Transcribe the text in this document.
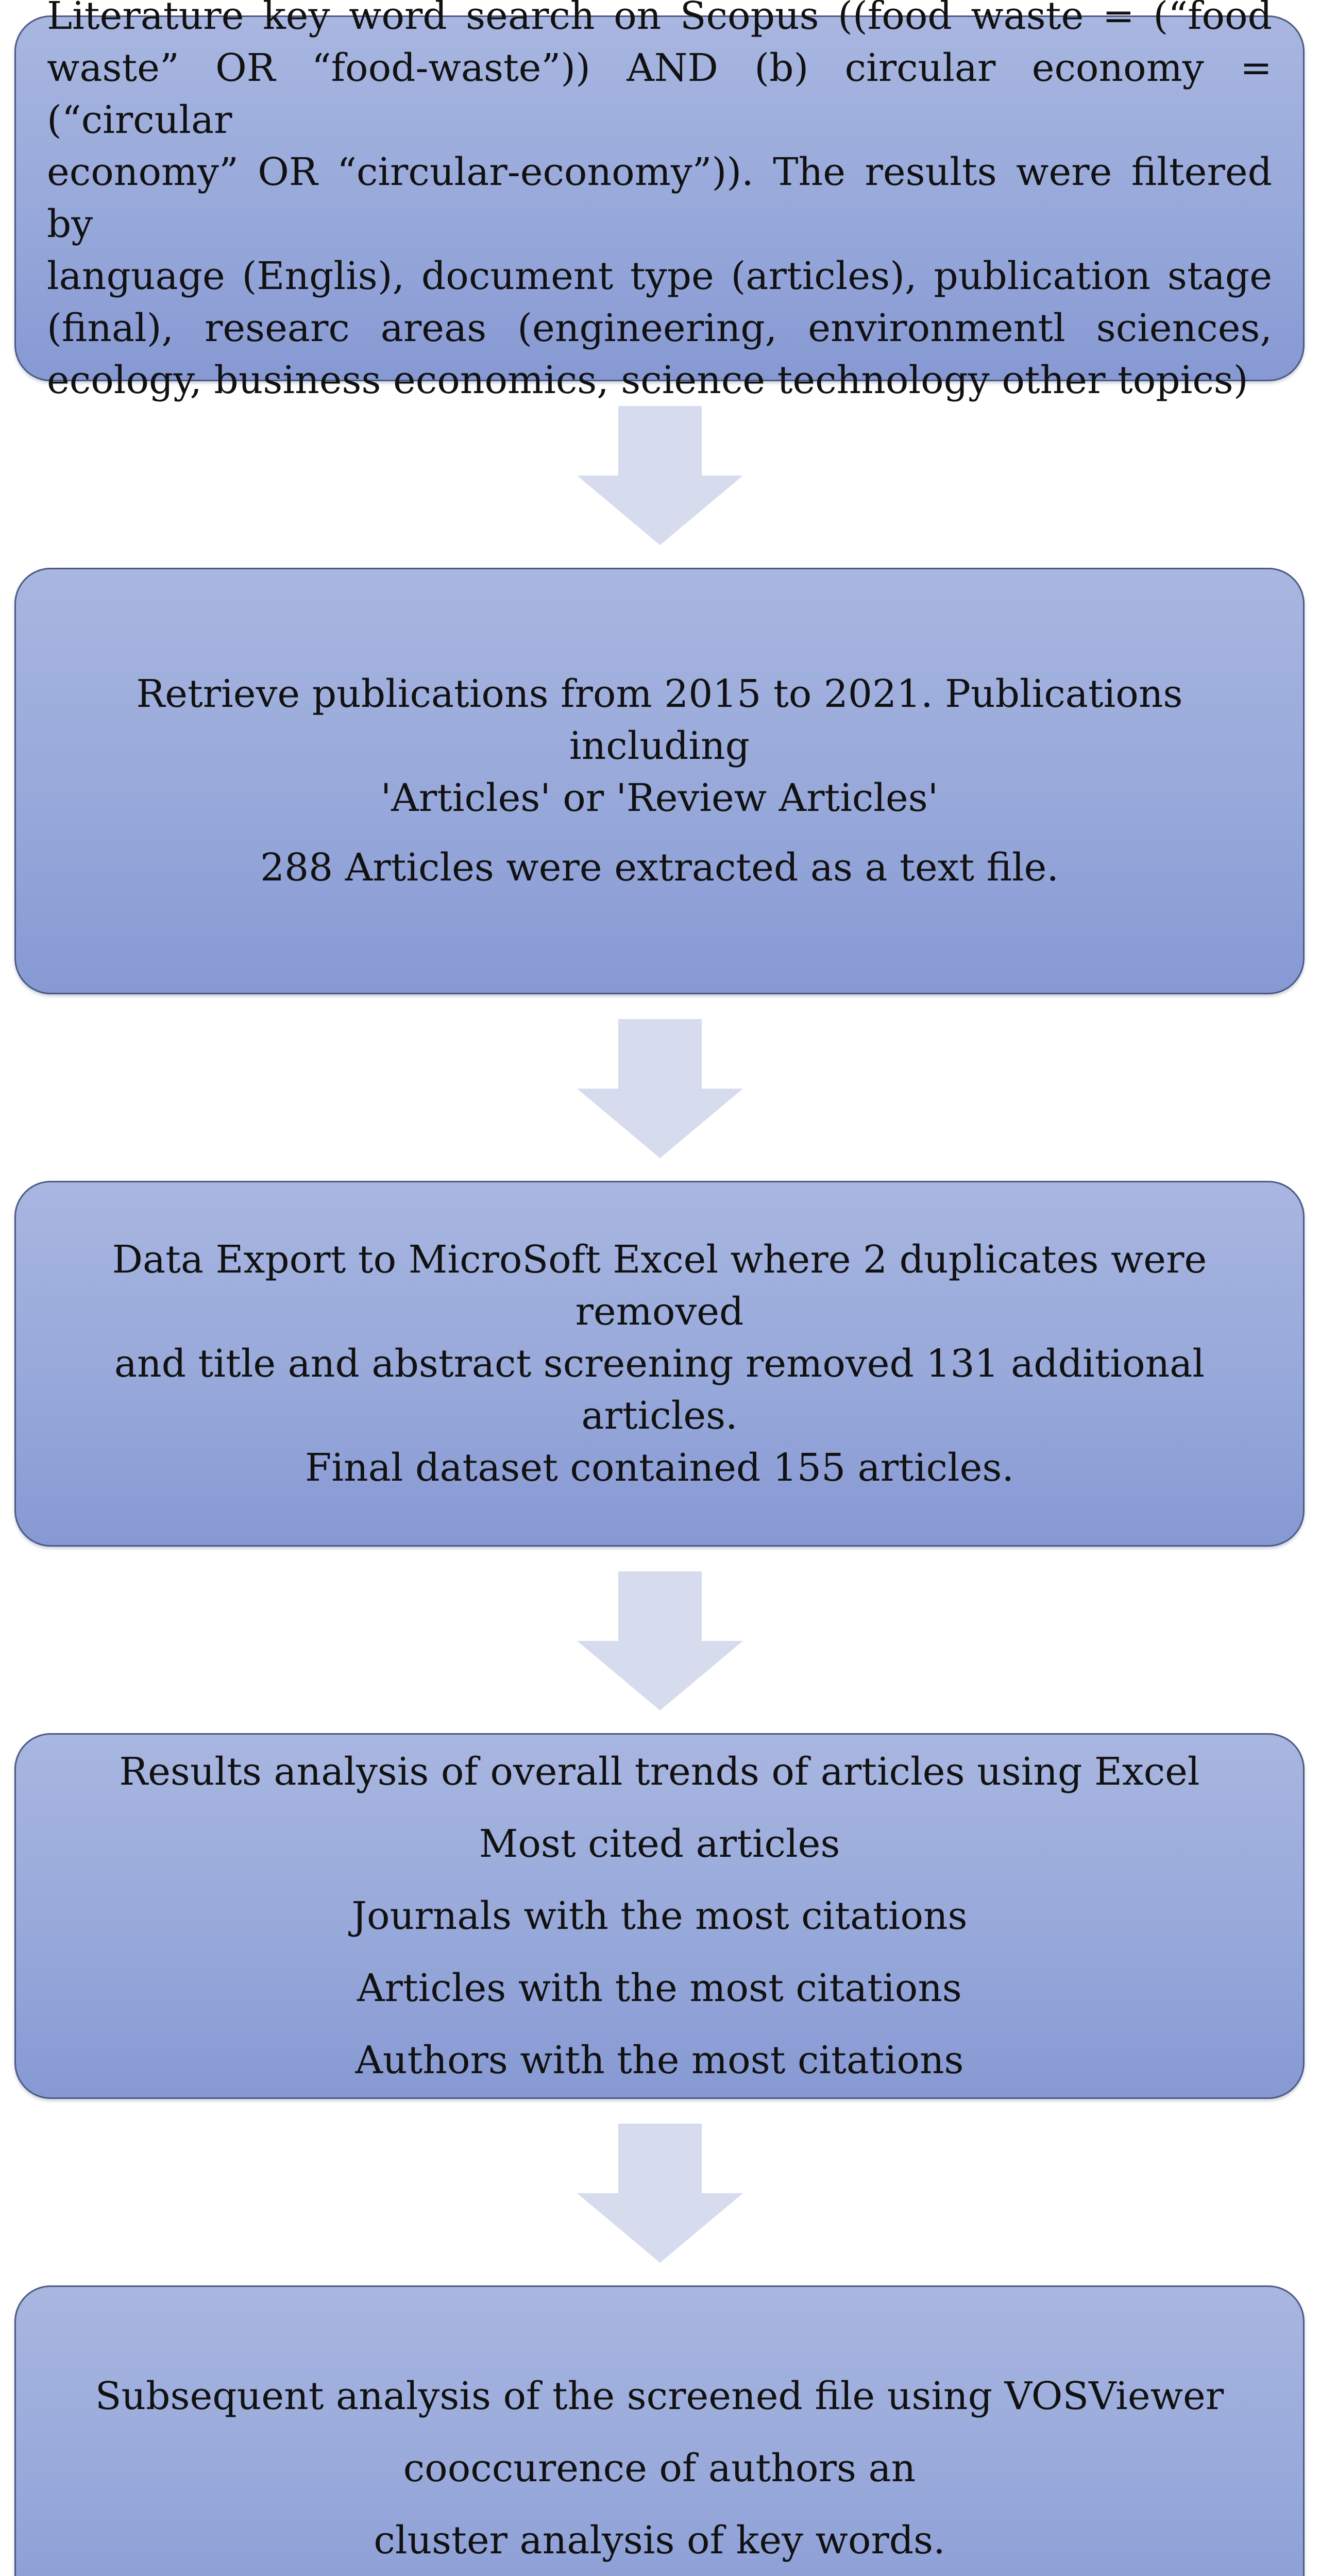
Literature key word search on Scopus ((food waste = (“food

waste” OR “food-waste”)) AND (b) circular economy = (“circular

economy” OR “circular-economy”)). The results were filtered by

language (Englis), document type (articles), publication stage

(final), researc areas (engineering, environmentl sciences,

ecology, business economics, science technology other topics)

Retrieve publications from 2015 to 2021. Publications including

'Articles' or 'Review Articles'

288 Articles were extracted as a text file.

Data Export to MicroSoft Excel where 2 duplicates were removed

and title and abstract screening removed 131 additional articles.

Final dataset contained 155 articles.

Results analysis of overall trends of articles using Excel

Most cited articles

Journals with the most citations

Articles with the most citations

Authors with the most citations

Subsequent analysis of the screened file using VOSViewer

cooccurence of authors an

cluster analysis of key words.
